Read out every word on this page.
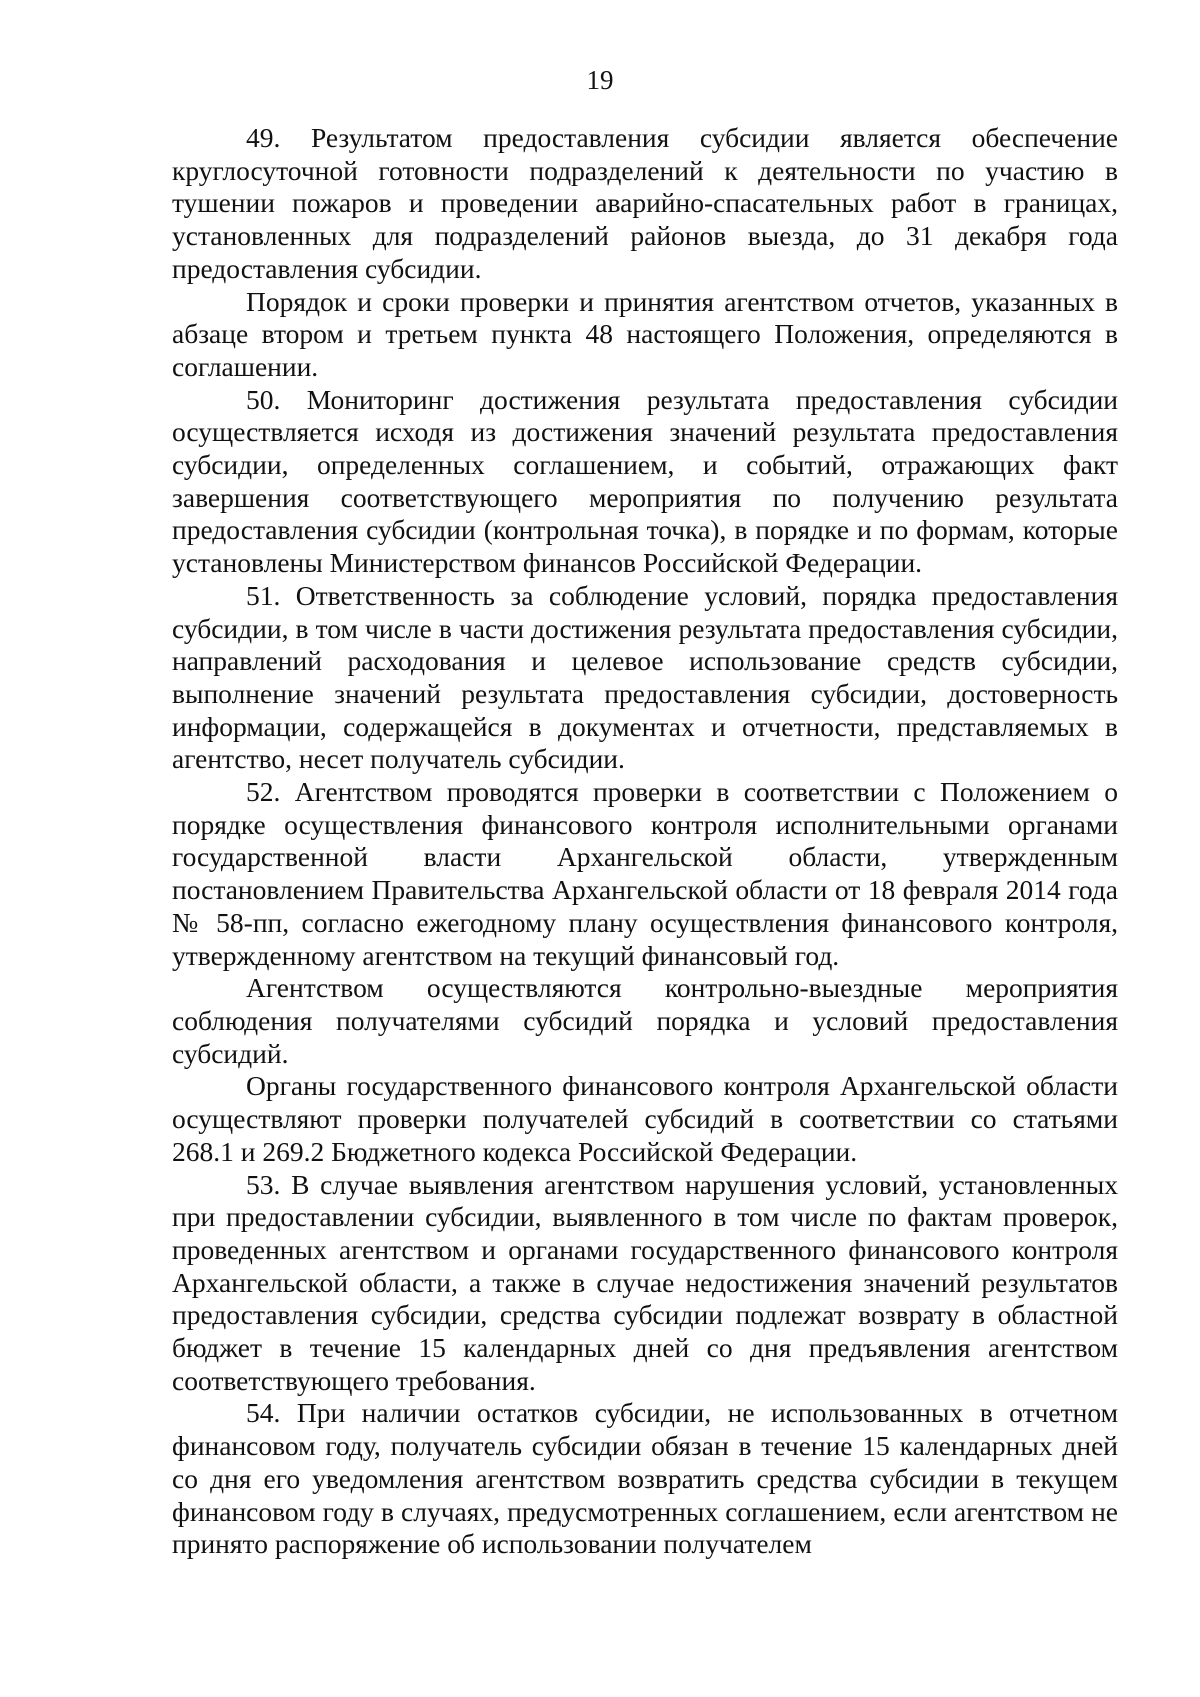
19

49. Результатом предоставления субсидии является обеспечение круглосуточной готовности подразделений к деятельности по участию в тушении пожаров и проведении аварийно-спасательных работ в границах, установленных для подразделений районов выезда, до 31 декабря года предоставления субсидии.

Порядок и сроки проверки и принятия агентством отчетов, указанных в абзаце втором и третьем пункта 48 настоящего Положения, определяются в соглашении.

50. Мониторинг достижения результата предоставления субсидии осуществляется исходя из достижения значений результата предоставления субсидии, определенных соглашением, и событий, отражающих факт завершения соответствующего мероприятия по получению результата предоставления субсидии (контрольная точка), в порядке и по формам, которые установлены Министерством финансов Российской Федерации.

51. Ответственность за соблюдение условий, порядка предоставления субсидии, в том числе в части достижения результата предоставления субсидии, направлений расходования и целевое использование средств субсидии, выполнение значений результата предоставления субсидии, достоверность информации, содержащейся в документах и отчетности, представляемых в агентство, несет получатель субсидии.

52. Агентством проводятся проверки в соответствии с Положением о порядке осуществления финансового контроля исполнительными органами государственной власти Архангельской области, утвержденным постановлением Правительства Архангельской области от 18 февраля 2014 года № 58-пп, согласно ежегодному плану осуществления финансового контроля, утвержденному агентством на текущий финансовый год.

Агентством осуществляются контрольно-выездные мероприятия соблюдения получателями субсидий порядка и условий предоставления субсидий.

Органы государственного финансового контроля Архангельской области осуществляют проверки получателей субсидий в соответствии со статьями 268.1 и 269.2 Бюджетного кодекса Российской Федерации.

53. В случае выявления агентством нарушения условий, установленных при предоставлении субсидии, выявленного в том числе по фактам проверок, проведенных агентством и органами государственного финансового контроля Архангельской области, а также в случае недостижения значений результатов предоставления субсидии, средства субсидии подлежат возврату в областной бюджет в течение 15 календарных дней со дня предъявления агентством соответствующего требования.

54. При наличии остатков субсидии, не использованных в отчетном финансовом году, получатель субсидии обязан в течение 15 календарных дней со дня его уведомления агентством возвратить средства субсидии в текущем финансовом году в случаях, предусмотренных соглашением, если агентством не принято распоряжение об использовании получателем
